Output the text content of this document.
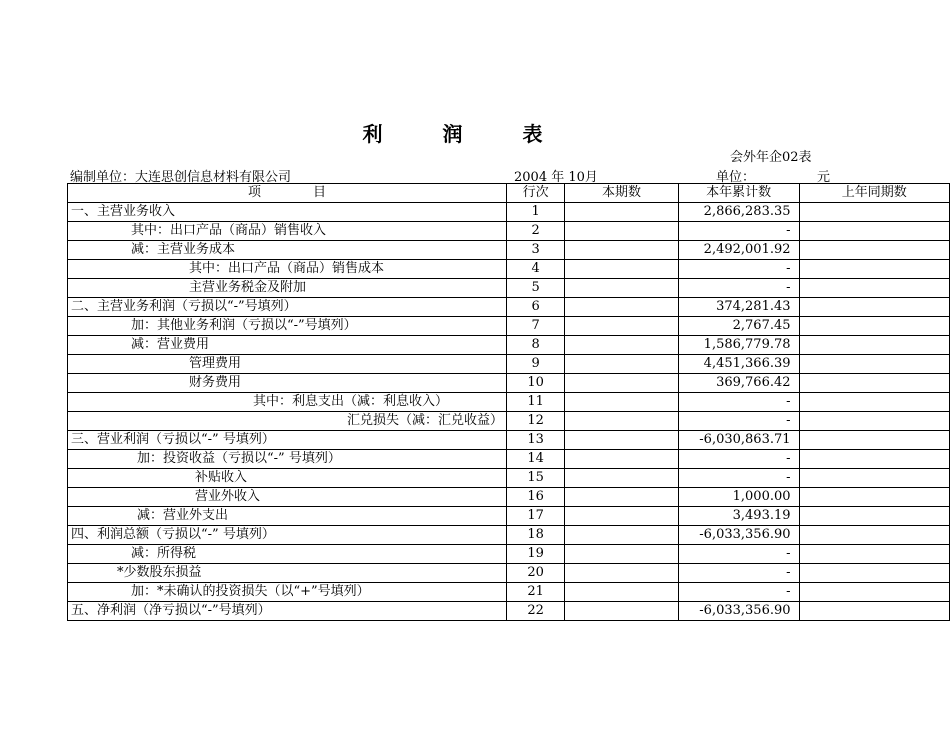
利　润　表
会外年企02表
编制单位：大连思创信息材料有限公司	2004 年 10月	单位：	元
项　　　　目	行次	本期数	本年累计数	上年同期数
一、主营业务收入	1		2,866,283.35	
其中：出口产品（商品）销售收入	2		-	
减：主营业务成本	3		2,492,001.92	
其中：出口产品（商品）销售成本	4		-	
主营业务税金及附加	5		-	
二、主营业务利润（亏损以“-”号填列）	6		374,281.43	
加：其他业务利润（亏损以“-”号填列）	7		2,767.45	
减：营业费用	8		1,586,779.78	
管理费用	9		4,451,366.39	
财务费用	10		369,766.42	
其中：利息支出（减：利息收入）	11		-	
汇兑损失（减：汇兑收益）	12		-	
三、营业利润（亏损以“-” 号填列）	13		-6,030,863.71	
加：投资收益（亏损以“-” 号填列）	14		-	
补贴收入	15		-	
营业外收入	16		1,000.00	
减：营业外支出	17		3,493.19	
四、利润总额（亏损以“-” 号填列）	18		-6,033,356.90	
减：所得税	19		-	
*少数股东损益	20		-	
加：*未确认的投资损失（以“+”号填列）	21		-	
五、净利润（净亏损以“-”号填列）	22		-6,033,356.90	
